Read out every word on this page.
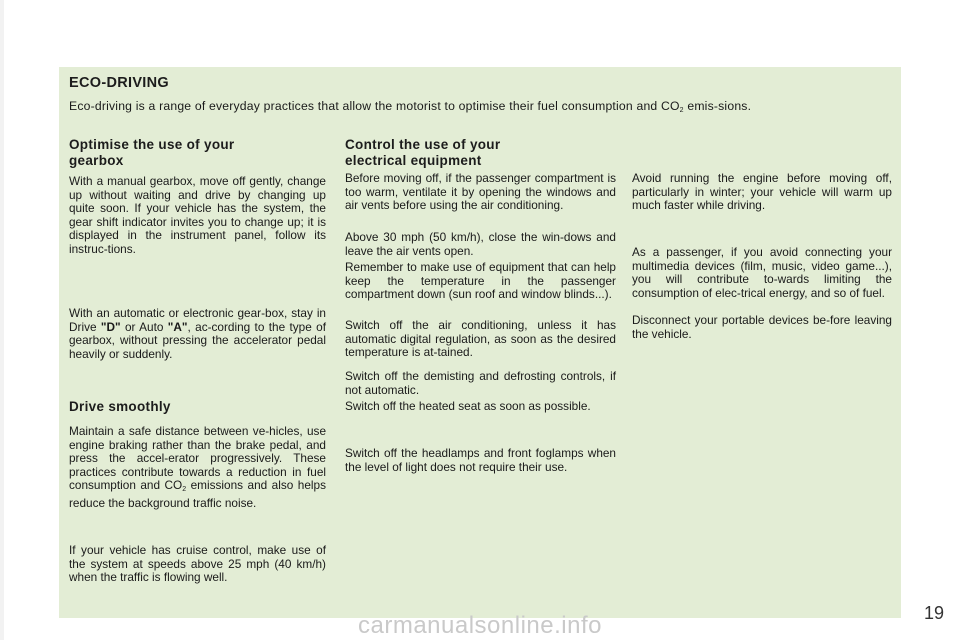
ECO-DRIVING

Eco-driving is a range of everyday practices that allow the motorist to optimise their fuel consumption and $CO_2$ emis-sions.

Optimise the use of your
gearbox

With a manual gearbox, move off gently, change up without waiting and drive by changing up quite soon. If your vehicle has the system, the gear shift indicator invites you to change up; it is displayed in the instrument panel, follow its instruc-tions.

With an automatic or electronic gear-box, stay in Drive "D" or Auto "A", ac-cording to the type of gearbox, without pressing the accelerator pedal heavily or suddenly.

Drive smoothly

Maintain a safe distance between ve-hicles, use engine braking rather than the brake pedal, and press the accel-erator progressively. These practices contribute towards a reduction in fuel consumption and $CO_2$ emissions and also helps reduce the background traffic noise.

If your vehicle has cruise control, make use of the system at speeds above 25 mph (40 km/h) when the traffic is flowing well.

Control the use of your
electrical equipment

Before moving off, if the passenger compartment is too warm, ventilate it by opening the windows and air vents before using the air conditioning.

Above 30 mph (50 km/h), close the win-dows and leave the air vents open.

Remember to make use of equipment that can help keep the temperature in the passenger compartment down (sun roof and window blinds...).

Switch off the air conditioning, unless it has automatic digital regulation, as soon as the desired temperature is at-tained.

Switch off the demisting and defrosting controls, if not automatic.

Switch off the heated seat as soon as possible.

Switch off the headlamps and front foglamps when the level of light does not require their use.

Avoid running the engine before moving off, particularly in winter; your vehicle will warm up much faster while driving.

As a passenger, if you avoid connecting your multimedia devices (film, music, video game...), you will contribute to-wards limiting the consumption of elec-trical energy, and so of fuel.

Disconnect your portable devices be-fore leaving the vehicle.

19
carmanualsonline.info
